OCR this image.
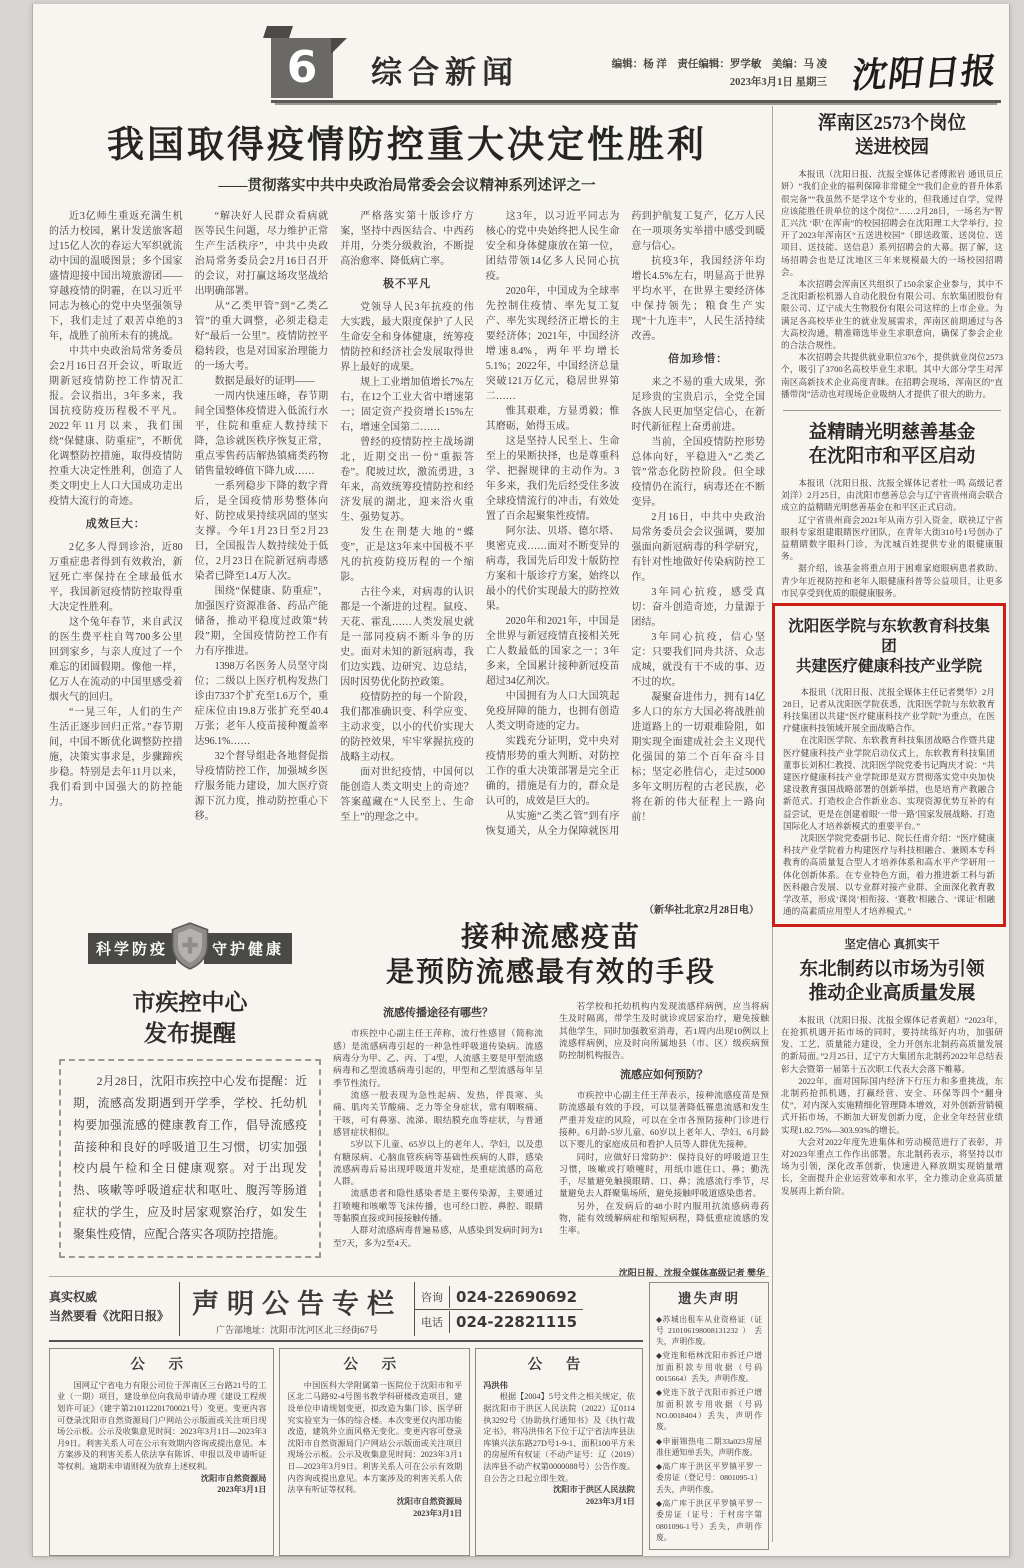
6 综合新闻	编辑：杨 洋　责任编辑：罗学敏　美编：马 凌
2023年3月1日 星期三 沈阳日报
我国取得疫情防控重大决定性胜利
——贯彻落实中共中央政治局常委会会议精神系列述评之一

近3亿师生重返充满生机的活力校园，累计发送旅客超过15亿人次的春运大军织就流动中国的温暖图景；多个国家盛情迎接中国出境旅游团——穿越疫情的阴霾，在以习近平同志为核心的党中央坚强领导下，我们走过了艰苦卓绝的3年，战胜了前所未有的挑战。

中共中央政治局常务委员会2月16日召开会议，听取近期新冠疫情防控工作情况汇报。会议指出，3年多来，我国抗疫防疫历程极不平凡。2022年11月以来，我们围绕“保健康、防重症”，不断优化调整防控措施，取得疫情防控重大决定性胜利，创造了人类文明史上人口大国成功走出疫情大流行的奇迹。

成效巨大：

2亿多人得到诊治，近80万重症患者得到有效救治，新冠死亡率保持在全球最低水平，我国新冠疫情防控取得重大决定性胜利。

这个兔年春节，来自武汉的医生费平柱自驾700多公里回到家乡，与亲人度过了一个难忘的团圆假期。像他一样，亿万人在流动的中国里感受着烟火气的回归。

“一晃三年，人们的生产生活正逐步回归正常。”春节期间，中国不断优化调整防控措施，决策实事求是，步骤蹄疾步稳。特别是去年11月以来，我们看到中国强大的防控能力。

“解决好人民群众看病就医等民生问题，尽力维护正常生产生活秩序”，中共中央政治局常务委员会2月16日召开的会议，对打赢这场攻坚战给出明确部署。

从“乙类甲管”到“乙类乙管”的重大调整，必须走稳走好“最后一公里”。疫情防控平稳转段，也是对国家治理能力的一场大考。

数据是最好的证明——

一周内快速压峰，春节期间全国整体疫情进入低流行水平，住院和重症人数持续下降，急诊就医秩序恢复正常，重点零售药店解热镇痛类药物销售量较峰值下降九成……

一系列稳步下降的数字背后，是全国疫情形势整体向好、防控成果持续巩固的坚实支撑。今年1月23日至2月23日，全国报告人数持续处于低位，2月23日在院新冠病毒感染者已降至1.4万人次。

围绕“保健康、防重症”，加强医疗资源准备、药品产能储备，推动平稳度过政策“转段”期，全国疫情防控工作有力有序推进。

1398万名医务人员坚守岗位；二级以上医疗机构发热门诊由7337个扩充至1.6万个，重症床位由19.8万张扩充至40.4万张；老年人疫苗接种覆盖率达96.1%……

32个督导组赴各地督促指导疫情防控工作，加强城乡医疗服务能力建设，加大医疗资源下沉力度，推动防控重心下移。

严格落实第十版诊疗方案，坚持中西医结合、中西药并用，分类分级救治，不断提高治愈率、降低病亡率。

极不平凡

党领导人民3年抗疫的伟大实践，最大限度保护了人民生命安全和身体健康，统筹疫情防控和经济社会发展取得世界上最好的成果。

规上工业增加值增长7%左右，在12个工业大省中增速第一；固定资产投资增长15%左右，增速全国第二……

曾经的疫情防控主战场湖北，近期交出一份“重振答卷”。爬坡过坎，激流勇进，3年来，高效统筹疫情防控和经济发展的湖北，迎来浴火重生、强势复苏。

发生在荆楚大地的“蝶变”，正是这3年来中国极不平凡的抗疫防疫历程的一个缩影。

古往今来，对病毒的认识都是一个渐进的过程。鼠疫、天花、霍乱……人类发展史就是一部同疫病不断斗争的历史。面对未知的新冠病毒，我们边实践、边研究、边总结，因时因势优化防控政策。

疫情防控的每一个阶段，我们都准确识变、科学应变、主动求变，以小的代价实现大的防控效果，牢牢掌握抗疫的战略主动权。

面对世纪疫情，中国何以能创造人类文明史上的奇迹？答案蕴藏在“人民至上、生命至上”的理念之中。

这3年，以习近平同志为核心的党中央始终把人民生命安全和身体健康放在第一位，团结带领14亿多人民同心抗疫。

2020年，中国成为全球率先控制住疫情、率先复工复产、率先实现经济正增长的主要经济体；2021年，中国经济增速8.4%，两年平均增长5.1%；2022年，中国经济总量突破121万亿元，稳居世界第二……

惟其艰难，方显勇毅；惟其磨砺，始得玉成。

这是坚持人民至上、生命至上的果断抉择，也是尊重科学、把握规律的主动作为。3年多来，我们先后经受住多波全球疫情流行的冲击，有效处置了百余起聚集性疫情。

阿尔法、贝塔、德尔塔、奥密克戎……面对不断变异的病毒，我国先后印发十版防控方案和十版诊疗方案，始终以最小的代价实现最大的防控效果。

2020年和2021年，中国是全世界与新冠疫情直接相关死亡人数最低的国家之一；3年多来，全国累计接种新冠疫苗超过34亿剂次。

中国拥有为人口大国筑起免疫屏障的能力，也拥有创造人类文明奇迹的定力。

实践充分证明，党中央对疫情形势的重大判断、对防控工作的重大决策部署是完全正确的，措施是有力的，群众是认可的，成效是巨大的。

从实施“乙类乙管”到有序恢复通关，从全力保障就医用药到护航复工复产，亿万人民在一项项务实举措中感受到暖意与信心。

抗疫3年，我国经济年均增长4.5%左右，明显高于世界平均水平，在世界主要经济体中保持领先；粮食生产实现“十九连丰”，人民生活持续改善。

倍加珍惜：

来之不易的重大成果，弥足珍贵的宝贵启示，全党全国各族人民更加坚定信心，在新时代新征程上奋勇前进。

当前，全国疫情防控形势总体向好，平稳进入“乙类乙管”常态化防控阶段。但全球疫情仍在流行，病毒还在不断变异。

2月16日，中共中央政治局常务委员会会议强调，要加强面向新冠病毒的科学研究，有针对性地做好传染病防控工作。

3年同心抗疫，感受真切：奋斗创造奇迹，力量源于团结。

3年同心抗疫，信心坚定：只要我们同舟共济、众志成城，就没有干不成的事、迈不过的坎。

凝聚奋进伟力，拥有14亿多人口的东方大国必将战胜前进道路上的一切艰难险阻，如期实现全面建成社会主义现代化强国的第二个百年奋斗目标；坚定必胜信心，走过5000多年文明历程的古老民族，必将在新的伟大征程上一路向前！

（新华社北京2月28日电）
浑南区2573个岗位
送进校园

本报讯（沈阳日报、沈报全媒体记者傅淞岩 通讯员丘妍）“我们企业的福利保障非常健全”“我们企业的晋升体系很完备”“我虽然不是学这个专业的，但我通过自学，觉得应该能胜任贵单位的这个岗位”……2月28日，一场名为“智汇兴沈 ‘职’在浑南”的校园招聘会在沈阳理工大学举行，拉开了2023年浑南区“五送进校园”（即送政策、送岗位、送项目、送技能、送信息）系列招聘会的大幕。据了解，这场招聘会也是辽沈地区三年来规模最大的一场校园招聘会。

本次招聘会浑南区共组织了150余家企业参与，其中不乏沈阳新松机器人自动化股份有限公司、东软集团股份有限公司、辽宁成大生物股份有限公司这样的上市企业。为满足各高校毕业生的就业发展需求，浑南区前期通过与各大高校沟通，精准筛选毕业生求职意向，确保了参会企业的合法合规性。

本次招聘会共提供就业职位376个，提供就业岗位2573个，吸引了3700名高校毕业生求职。其中大部分学生对浑南区高新技术企业高度青睐。在招聘会现场，浑南区的“直播带岗”活动也对现场企业吸纳人才提供了很大的助力。

益精睛光明慈善基金
在沈阳市和平区启动

本报讯（沈阳日报、沈报全媒体记者杜一鸣 高级记者刘洋）2月25日，由沈阳市慈善总会与辽宁省贵州商会联合成立的益精睛光明慈善基金在和平区正式启动。

辽宁省贵州商会2021年从南方引入资金，联袂辽宁省眼科专家组建眼睛医疗团队，在青年大街310号1号创办了益精睛数字眼科门诊，为沈城百姓提供专业的眼健康服务。

据介绍，该基金将重点用于困难家庭眼病患者救助、青少年近视防控和老年人眼健康科普等公益项目，让更多市民享受到优质的眼健康服务。

沈阳医学院与东软教育科技集团
共建医疗健康科技产业学院

本报讯（沈阳日报、沈报全媒体主任记者樊华）2月28日，记者从沈阳医学院获悉，沈阳医学院与东软教育科技集团以共建“医疗健康科技产业学院”为重点，在医疗健康科技领域开展全面战略合作。

在沈阳医学院、东软教育科技集团战略合作暨共建医疗健康科技产业学院启动仪式上，东软教育科技集团董事长刘积仁教授、沈阳医学院党委书记陶庆才说：“共建医疗健康科技产业学院即是双方贯彻落实党中央加快建设教育强国战略部署的创新举措，也是培育产教融合新范式、打造校企合作新业态、实现资源优势互补的有益尝试，更是在创建着眼‘一带一路’国家发展战略、打造国际化人才培养新模式的重要平台。”

沈阳医学院党委副书记、院长任甫介绍：“医疗健康科技产业学院着力构建医疗与科技相融合、兼顾本专科教育的高质量复合型人才培养体系和高水平产学研用一体化创新体系。在专业特色方面，着力推进新工科与新医科融合发展、以专业群对接产业群、全面深化教育教学改革，形成‘课岗’相衔接、‘赛教’相融合、‘课证’相融通的高素质应用型人才培养模式。”

坚定信心 真抓实干
东北制药以市场为引领
推动企业高质量发展

本报讯（沈阳日报、沈报全媒体记者黄超）“2023年，在抢抓机遇开拓市场的同时，要持续练好内功，加强研发、工艺、质量能力建设，全力开创东北制药高质量发展的新局面。”2月25日，辽宁方大集团东北制药2022年总结表彰大会暨第一届第十五次职工代表大会落下帷幕。

2022年，面对国际国内经济下行压力和多重挑战，东北制药抢抓机遇，打赢经营、安全、环保等四个“翻身仗”，对内深入实施精细化管理降本增效，对外创新营销模式开拓市场，不断加大研发创新力度，企业全年经营业绩实现1.82.75%—303.93%的增长。

大会对2022年度先进集体和劳动模范进行了表彰，并对2023年重点工作作出部署。东北制药表示，将坚持以市场为引领，深化改革创新，快速进入释放期实现销量增长，全面提升企业运营效率和水平，全力推动企业高质量发展再上新台阶。

科学防疫	守护健康
市疾控中心
发布提醒

2月28日，沈阳市疾控中心发布提醒：近期，流感高发期遇到开学季，学校、托幼机构要加强流感的健康教育工作，倡导流感疫苗接种和良好的呼吸道卫生习惯，切实加强校内晨午检和全日健康观察。对于出现发热、咳嗽等呼吸道症状和呕吐、腹泻等肠道症状的学生，应及时居家观察治疗，如发生聚集性疫情，应配合落实各项防控措施。

接种流感疫苗
是预防流感最有效的手段

流感传播途径有哪些？

市疾控中心副主任王萍称，流行性感冒（简称流感）是流感病毒引起的一种急性呼吸道传染病。流感病毒分为甲、乙、丙、丁4型，人流感主要是甲型流感病毒和乙型流感病毒引起的，甲型和乙型流感每年呈季节性流行。

流感一般表现为急性起病、发热，伴畏寒、头痛、肌肉关节酸痛、乏力等全身症状，常有咽喉痛、干咳，可有鼻塞、流涕、眼结膜充血等症状，与普通感冒症状相似。

5岁以下儿童、65岁以上的老年人、孕妇，以及患有糖尿病、心脑血管疾病等基础性疾病的人群，感染流感病毒后易出现呼吸道并发症，是重症流感的高危人群。

流感患者和隐性感染者是主要传染源，主要通过打喷嚏和咳嗽等飞沫传播，也可经口腔、鼻腔、眼睛等黏膜直接或间接接触传播。

人群对流感病毒普遍易感，从感染到发病时间为1至7天，多为2至4天。

若学校和托幼机构内发现流感样病例，应当将病生及时隔离，带学生及时就诊或居家治疗，避免接触其他学生，同时加强教室消毒，若1周内出现10例以上流感样病例，应及时向所属地县（市、区）级疾病预防控制机构报告。

流感应如何预防？

市疾控中心副主任王萍表示，接种流感疫苗是预防流感最有效的手段，可以显著降低罹患流感和发生严重并发症的风险，可以在全市各预防接种门诊进行接种。6月龄-5岁儿童、60岁以上老年人、孕妇、6月龄以下婴儿的家庭成员和看护人员等人群优先接种。

同时，应做好日常防护：保持良好的呼吸道卫生习惯，咳嗽或打喷嚏时，用纸巾遮住口、鼻；勤洗手，尽量避免触摸眼睛、口、鼻；流感流行季节，尽量避免去人群聚集场所，避免接触呼吸道感染患者。

另外，在发病后的48小时内服用抗流感病毒药物，能有效缓解病症和缩短病程，降低重症流感的发生率。

沈阳日报、沈报全媒体高级记者 樊华
真实权威
当然要看《沈阳日报》 声明公告专栏
广告部地址：沈阳市沈河区北三经街67号
咨询 024-22690692
电话 024-22821115
公 示

国网辽宁省电力有限公司位于浑南区三台路21号的工业（一期）项目，建设单位向我局申请办理《建设工程规划许可证》（建字第210112201700021号）变更。变更内容可登录沈阳市自然资源局门户网站公示版面或关注项目现场公示板。公示及收集意见时间：2023年3月1日—2023年3月9日。利害关系人可在公示有效期内咨询或提出意见。本方案涉及的利害关系人依法享有陈诉、申报以及申请听证等权利。逾期未申请则视为放弃上述权利。

沈阳市自然资源局

2023年3月1日

公 示

中国医科大学附属第一医院位于沈阳市和平区北二马路92-4号图书教学科研楼改造项目，建设单位申请规划变更，拟改造为集门诊、医学研究实验室为一体的综合楼。本次变更仅内部功能改造，建筑外立面风格无变化。变更内容可登录沈阳市自然资源局门户网站公示版面或关注项目现场公示板。公示及收集意见时间：2023年3月1日—2023年3月9日。利害关系人可在公示有效期内咨询或提出意见。本方案涉及的利害关系人依法享有听证等权利。

沈阳市自然资源局

2023年3月1日

公 告

冯洪伟

根据【2004】5号文件之相关规定，依据沈阳市于洪区人民法院（2022）辽0114执3292号《协助执行通知书》及《执行裁定书》，将冯洪伟名下位于辽宁省法库县法库镇兴法东路27D号1-9-1、面积100平方米的房屋所有权证（不动产证号：辽（2019）法库县不动产权第0000088号）公告作废。自公告之日起立即生效。

沈阳市于洪区人民法院

2023年3月1日

遗失声明

◆苏城出租车从业资格证（证号210106198008131232）丢失，声明作废。

◆党连和梧林沈阳市拆迁户增加面积款专用收据（号码0015664）丢失，声明作废。

◆党连下放子沈阳市拆迁户增加面积款专用收据（号码NO.0018404）丢失，声明作废。

◆申丽锦热电二期33a023房屋准住通知单丢失，声明作废。

◆高广库于洪区平罗镇平罗一委房证（登记号：0801095-1）丢失，声明作废。

◆高广库于洪区平罗镇平罗一委房证（证号：于村房字第0801096-1号）丢失，声明作废。
